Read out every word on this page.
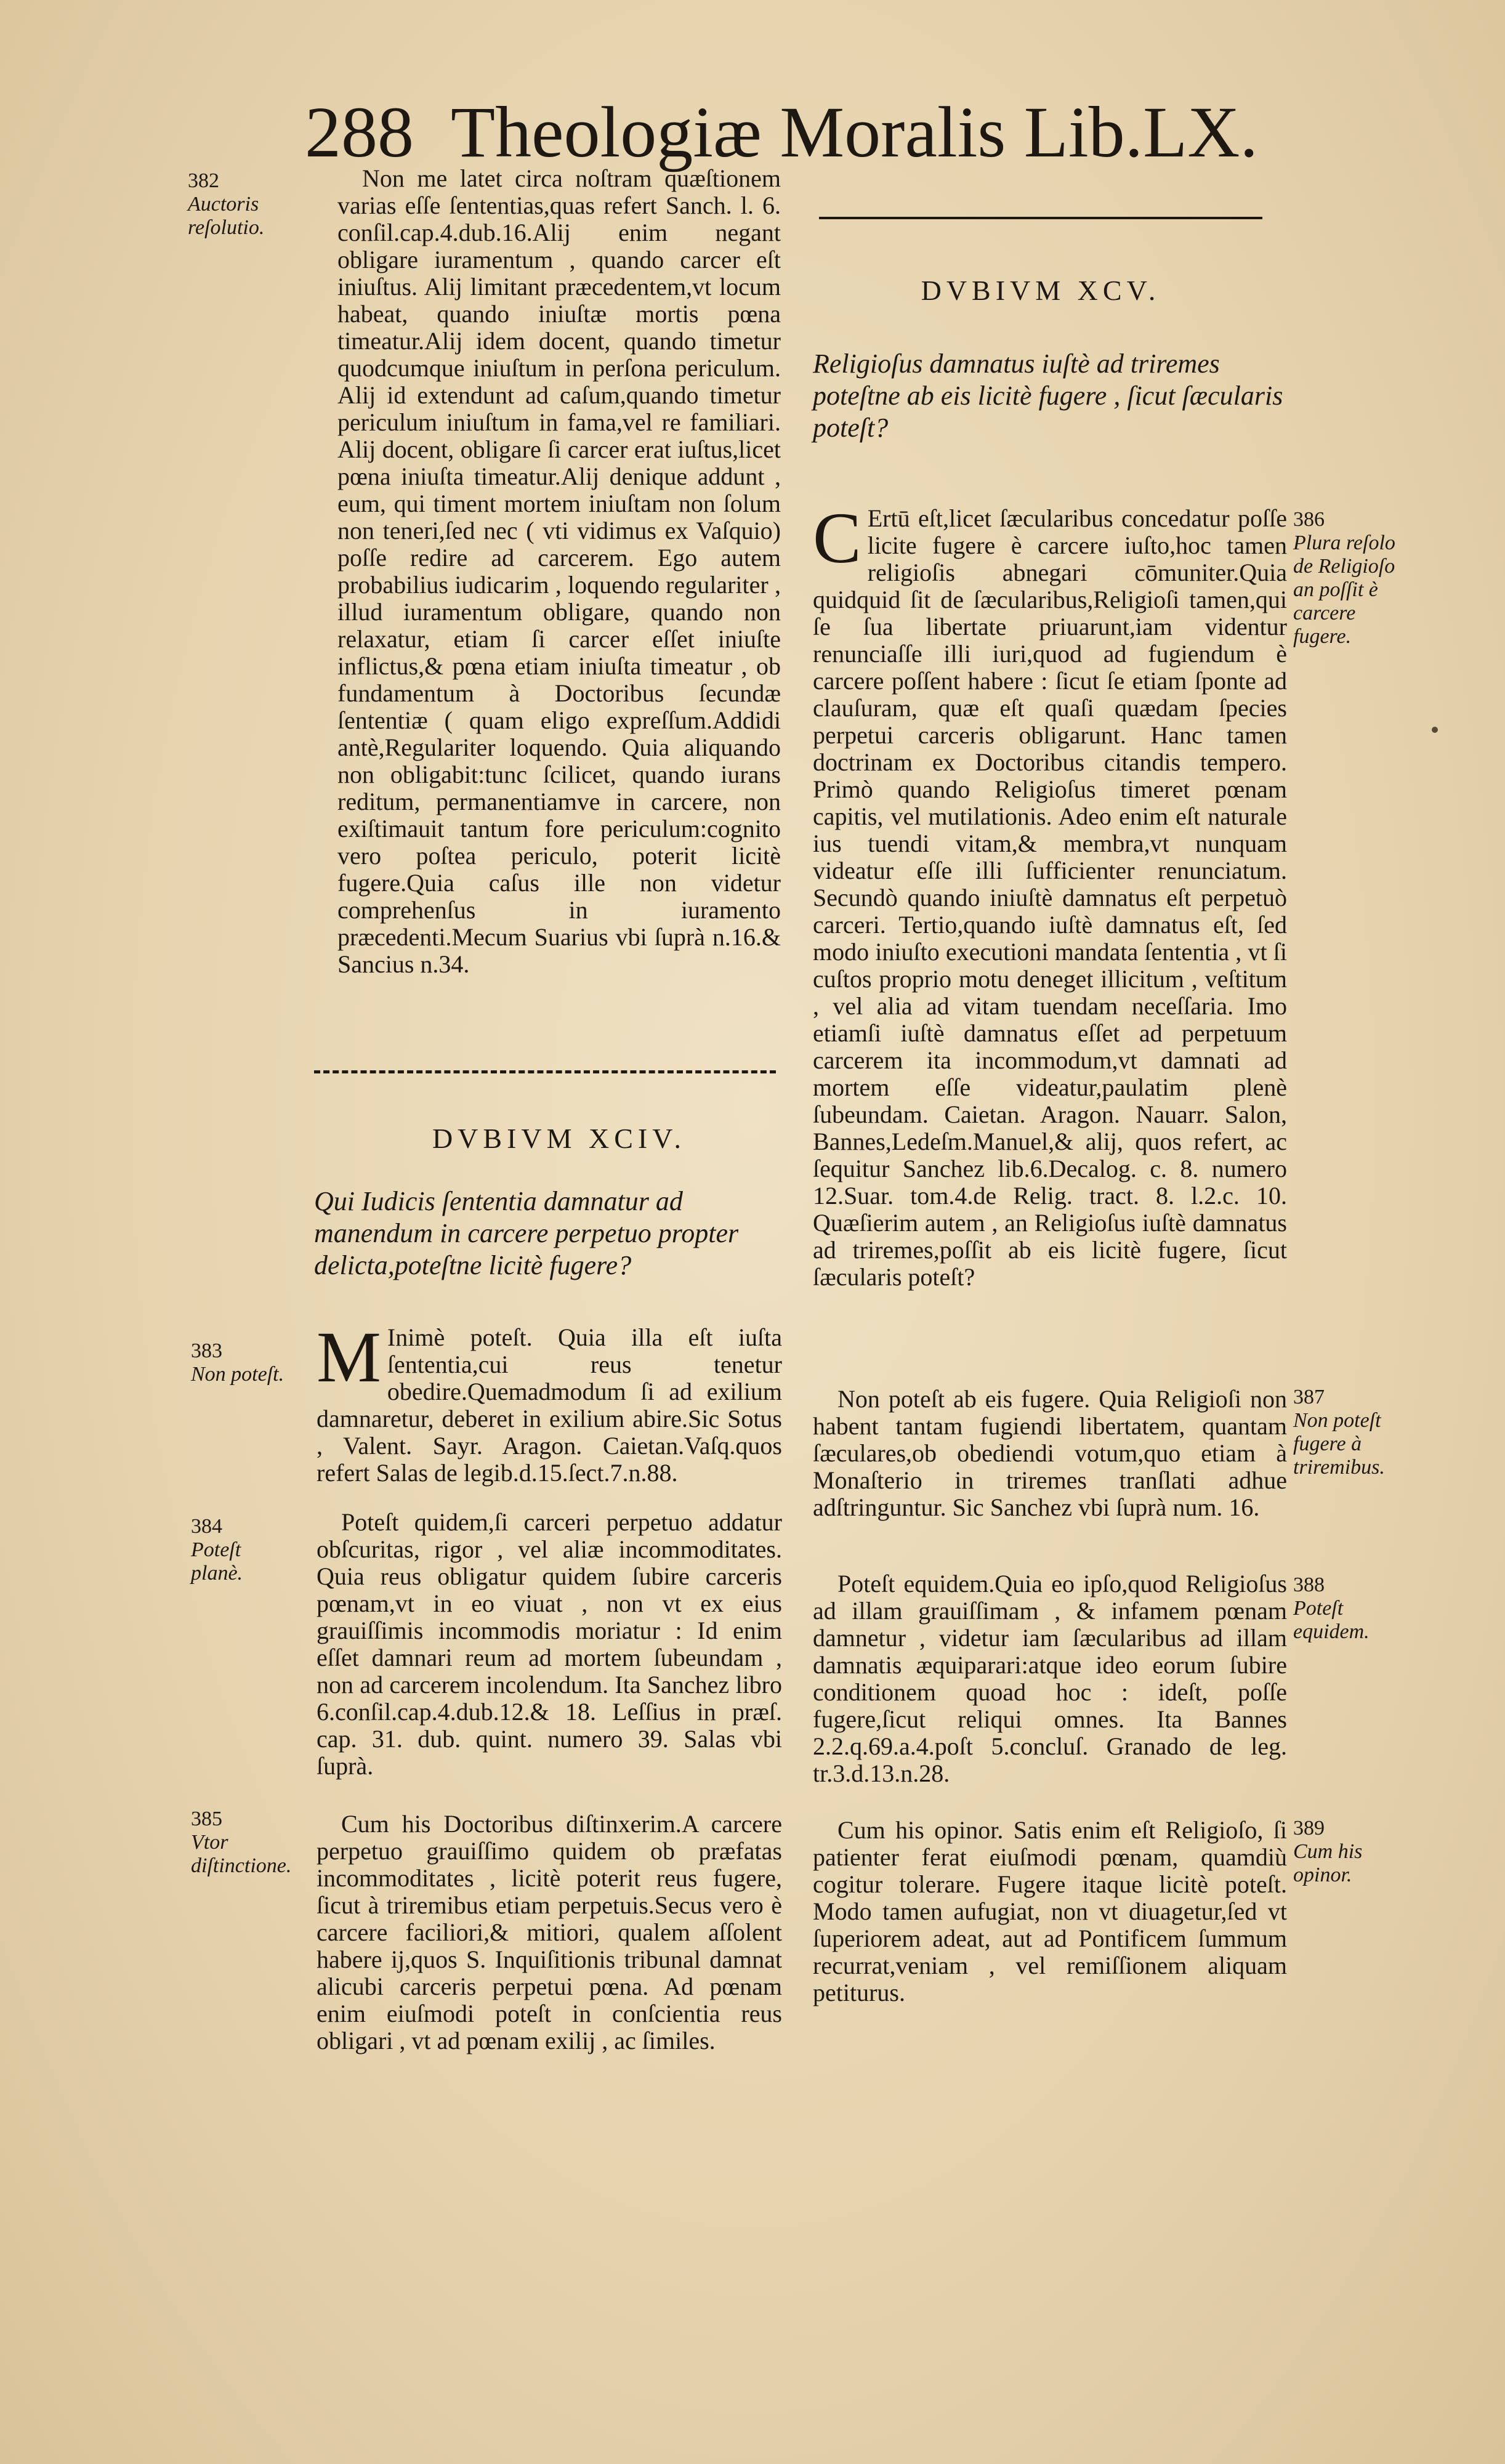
288 Theologiæ Moralis Lib.LX.

Non me latet circa noſtram quæſtionem varias eſſe ſententias,quas refert Sanch. l. 6. conſil.cap.4.dub.16.Alij enim negant obligare iuramentum , quando carcer eſt iniuſtus. Alij limitant præcedentem,vt locum habeat, quando iniuſtæ mortis pœna timeatur.Alij idem docent, quando timetur quodcumque iniuſtum in perſona periculum. Alij id extendunt ad caſum,quando timetur periculum iniuſtum in fama,vel re familiari. Alij docent, obligare ſi carcer erat iuſtus,licet pœna iniuſta timeatur.Alij denique addunt , eum, qui timent mortem iniuſtam non ſolum non teneri,ſed nec ( vti vidimus ex Vaſquio) poſſe redire ad carcerem. Ego autem probabilius iudicarim , loquendo regulariter , illud iuramentum obligare, quando non relaxatur, etiam ſi carcer eſſet iniuſte inflictus,& pœna etiam iniuſta timeatur , ob fundamentum à Doctoribus ſecundæ ſententiæ ( quam eligo expreſſum.Addidi antè,Regulariter loquendo. Quia aliquando non obligabit:tunc ſcilicet, quando iurans reditum, permanentiamve in carcere, non exiſtimauit tantum fore periculum:cognito vero poſtea periculo, poterit licitè fugere.Quia caſus ille non videtur comprehenſus in iuramento præcedenti.Mecum Suarius vbi ſuprà n.16.& Sancius n.34.

DVBIVM XCIV.
Qui Iudicis ſententia damnatur ad manendum in carcere perpetuo propter delicta,poteſtne licitè fugere?
M Inimè poteſt. Quia illa eſt iuſta ſententia,cui reus tenetur obedire.Quemadmodum ſi ad exilium damnaretur, deberet in exilium abire.Sic Sotus , Valent. Sayr. Aragon. Caietan.Vaſq.quos refert Salas de legib.d.15.ſect.7.n.88.

Poteſt quidem,ſi carceri perpetuo addatur obſcuritas, rigor , vel aliæ incommoditates. Quia reus obligatur quidem ſubire carceris pœnam,vt in eo viuat , non vt ex eius grauiſſimis incommodis moriatur : Id enim eſſet damnari reum ad mortem ſubeundam , non ad carcerem incolendum. Ita Sanchez libro 6.conſil.cap.4.dub.12.& 18. Leſſius in præſ. cap. 31. dub. quint. numero 39. Salas vbi ſuprà.

Cum his Doctoribus diſtinxerim.A carcere perpetuo grauiſſimo quidem ob præfatas incommoditates , licitè poterit reus fugere, ſicut à triremibus etiam perpetuis.Secus vero è carcere faciliori,& mitiori, qualem aſſolent habere ij,quos S. Inquiſitionis tribunal damnat alicubi carceris perpetui pœna. Ad pœnam enim eiuſmodi poteſt in conſcientia reus obligari , vt ad pœnam exilij , ac ſimiles.

DVBIVM XCV.
Religioſus damnatus iuſtè ad triremes poteſtne ab eis licitè fugere , ſicut ſæcularis poteſt?
C Ertū eſt,licet ſæcularibus concedatur poſſe licite fugere è carcere iuſto,hoc tamen religioſis abnegari cōmuniter.Quia quidquid ſit de ſæcularibus,Religioſi tamen,qui ſe ſua libertate priuarunt,iam videntur renunciaſſe illi iuri,quod ad fugiendum è carcere poſſent habere : ſicut ſe etiam ſponte ad clauſuram, quæ eſt quaſi quædam ſpecies perpetui carceris obligarunt. Hanc tamen doctrinam ex Doctoribus citandis tempero. Primò quando Religioſus timeret pœnam capitis, vel mutilationis. Adeo enim eſt naturale ius tuendi vitam,& membra,vt nunquam videatur eſſe illi ſufficienter renunciatum. Secundò quando iniuſtè damnatus eſt perpetuò carceri. Tertio,quando iuſtè damnatus eſt, ſed modo iniuſto executioni mandata ſententia , vt ſi cuſtos proprio motu deneget illicitum , veſtitum , vel alia ad vitam tuendam neceſſaria. Imo etiamſi iuſtè damnatus eſſet ad perpetuum carcerem ita incommodum,vt damnati ad mortem eſſe videatur,paulatim plenè ſubeundam. Caietan. Aragon. Nauarr. Salon, Bannes,Ledeſm.Manuel,& alij, quos refert, ac ſequitur Sanchez lib.6.Decalog. c. 8. numero 12.Suar. tom.4.de Relig. tract. 8. l.2.c. 10. Quæſierim autem , an Religioſus iuſtè damnatus ad triremes,poſſit ab eis licitè fugere, ſicut ſæcularis poteſt?

Non poteſt ab eis fugere. Quia Religioſi non habent tantam fugiendi libertatem, quantam ſæculares,ob obediendi votum,quo etiam à Monaſterio in triremes tranſlati adhue adſtringuntur. Sic Sanchez vbi ſuprà num. 16.

Poteſt equidem.Quia eo ipſo,quod Religioſus ad illam grauiſſimam , & infamem pœnam damnetur , videtur iam ſæcularibus ad illam damnatis æquiparari:atque ideo eorum ſubire conditionem quoad hoc : ideſt, poſſe fugere,ſicut reliqui omnes. Ita Bannes 2.2.q.69.a.4.poſt 5.concluſ. Granado de leg. tr.3.d.13.n.28.

Cum his opinor. Satis enim eſt Religioſo, ſi patienter ferat eiuſmodi pœnam, quamdiù cogitur tolerare. Fugere itaque licitè poteſt. Modo tamen aufugiat, non vt diuagetur,ſed vt ſuperiorem adeat, aut ad Pontificem ſummum recurrat,veniam , vel remiſſionem aliquam petiturus.

382
Auctoris reſolutio.
383
Non poteſt.
384
Poteſt planè.
385
Vtor diſtinctione.
386
Plura reſolo de Religioſo an poſſit è carcere fugere.
387
Non poteſt fugere à triremibus.
388
Poteſt equidem.
389
Cum his opinor.
